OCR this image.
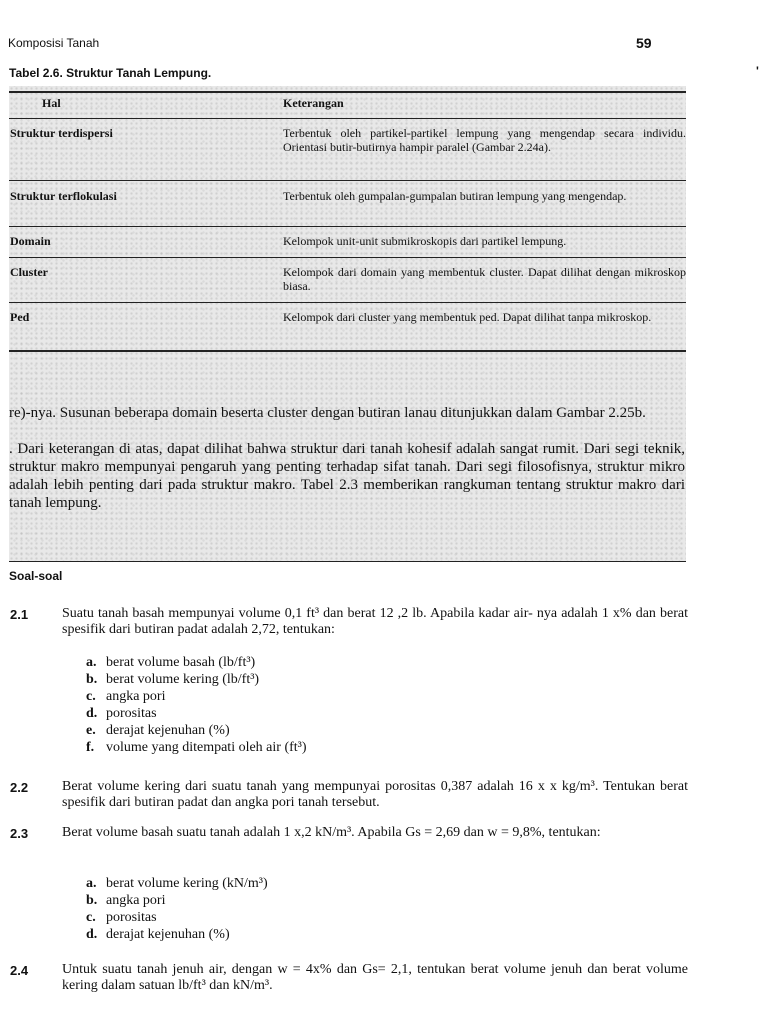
Komposisi Tanah	59
Tabel 2.6. Struktur Tanah Lempung.	ʹ
Hal	Keterangan
Struktur terdispersi	Terbentuk oleh partikel-partikel lempung yang mengendap secara individu. Orientasi butir-butirnya hampir paralel (Gambar 2.24a).
Struktur terflokulasi	Terbentuk oleh gumpalan-gumpalan butiran lempung yang mengendap.
Domain	Kelompok unit-unit submikroskopis dari partikel lempung.
Cluster	Kelompok dari domain yang membentuk cluster. Dapat dilihat dengan mikroskop biasa.
Ped	Kelompok dari cluster yang membentuk ped. Dapat dilihat tanpa mikroskop.
re)-nya. Susunan beberapa domain beserta cluster dengan butiran lanau ditunjukkan dalam Gambar 2.25b.
. Dari keterangan di atas, dapat dilihat bahwa struktur dari tanah kohesif adalah sangat rumit. Dari segi teknik, struktur makro mempunyai pengaruh yang penting terhadap sifat tanah. Dari segi filosofisnya, struktur mikro adalah lebih penting dari pada struktur makro. Tabel 2.3 memberikan rangkuman tentang struktur makro dari tanah lempung.
Soal-soal
2.1 Suatu tanah basah mempunyai volume 0,1 ft³ dan berat 12 ,2 lb. Apabila kadar air- nya adalah 1 x% dan berat spesifik dari butiran padat adalah 2,72, tentukan:
a. berat volume basah (lb/ft³)
b. berat volume kering (lb/ft³)
c. angka pori
d. porositas
e. derajat kejenuhan (%)
f. volume yang ditempati oleh air (ft³)
2.2 Berat volume kering dari suatu tanah yang mempunyai porositas 0,387 adalah 16 x x kg/m³. Tentukan berat spesifik dari butiran padat dan angka pori tanah tersebut.
2.3 Berat volume basah suatu tanah adalah 1 x,2 kN/m³. Apabila Gs = 2,69 dan w = 9,8%, tentukan:
a. berat volume kering (kN/m³)
b. angka pori
c. porositas
d. derajat kejenuhan (%)
2.4 Untuk suatu tanah jenuh air, dengan w = 4x% dan Gs= 2,1, tentukan berat volume jenuh dan berat volume kering dalam satuan lb/ft³ dan kN/m³.
